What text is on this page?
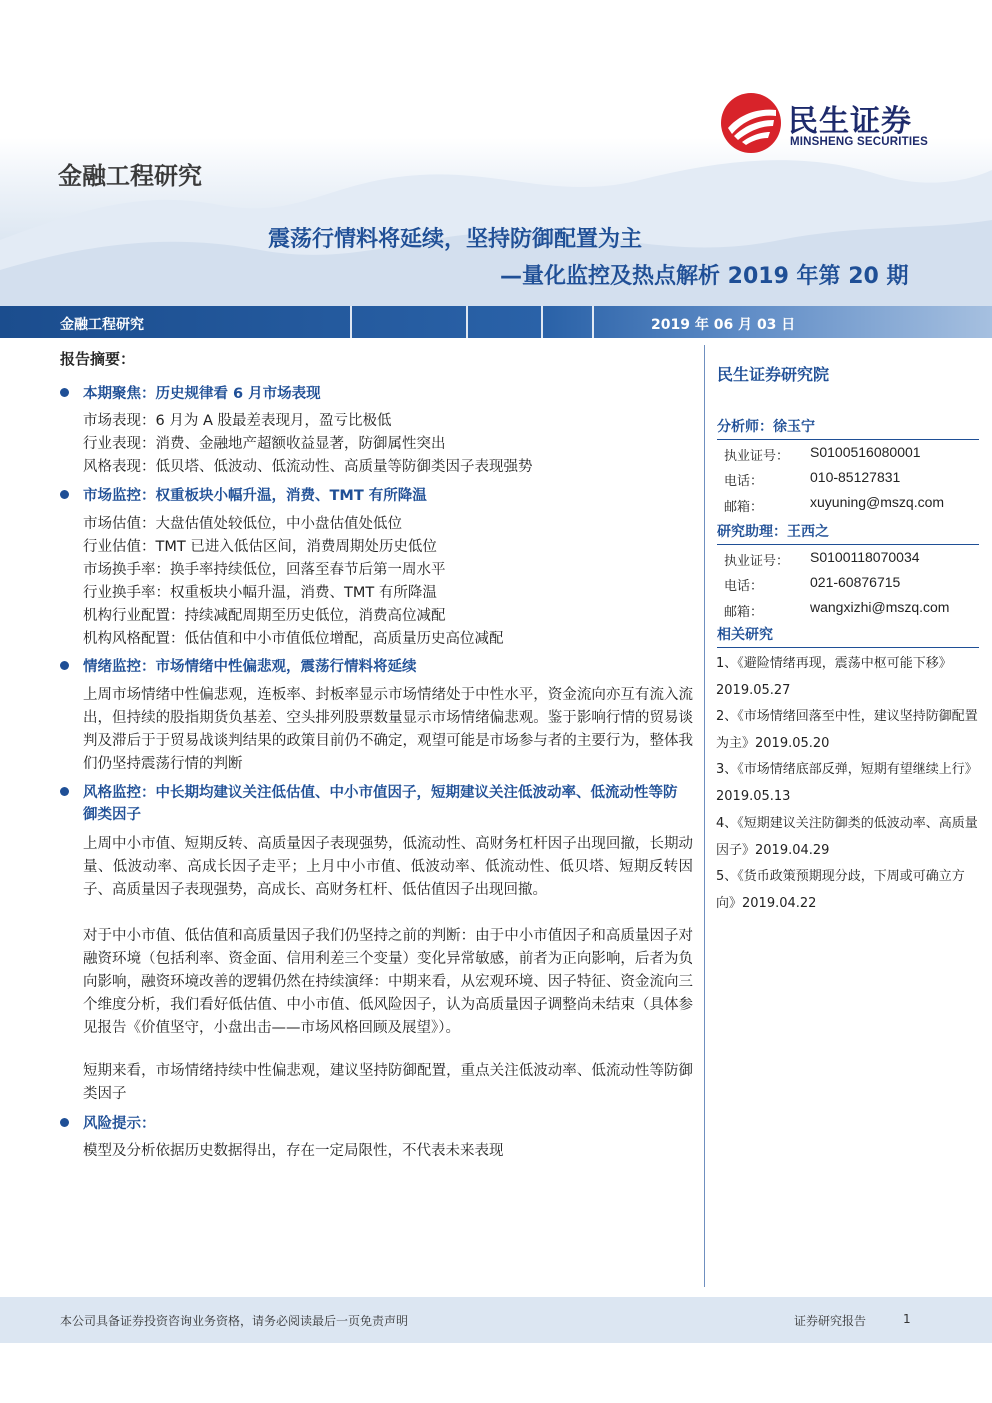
民生证券
MINSHENG SECURITIES
金融工程研究
震荡行情料将延续，坚持防御配置为主
—量化监控及热点解析 2019 年第 20 期
金融工程研究	2019 年 06 月 03 日
报告摘要：
本期聚焦：历史规律看 6 月市场表现
市场表现：6 月为 A 股最差表现月，盈亏比极低
行业表现：消费、金融地产超额收益显著，防御属性突出
风格表现：低贝塔、低波动、低流动性、高质量等防御类因子表现强势
市场监控：权重板块小幅升温，消费、TMT 有所降温
市场估值：大盘估值处较低位，中小盘估值处低位
行业估值：TMT 已进入低估区间，消费周期处历史低位
市场换手率：换手率持续低位，回落至春节后第一周水平
行业换手率：权重板块小幅升温，消费、TMT 有所降温
机构行业配置：持续减配周期至历史低位，消费高位减配
机构风格配置：低估值和中小市值低位增配，高质量历史高位减配
情绪监控：市场情绪中性偏悲观，震荡行情料将延续
上周市场情绪中性偏悲观，连板率、封板率显示市场情绪处于中性水平，资金流向亦互有流入流出，但持续的股指期货负基差、空头排列股票数量显示市场情绪偏悲观。鉴于影响行情的贸易谈判及滞后于于贸易战谈判结果的政策目前仍不确定，观望可能是市场参与者的主要行为，整体我们仍坚持震荡行情的判断
风格监控：中长期均建议关注低估值、中小市值因子，短期建议关注低波动率、低流动性等防御类因子
上周中小市值、短期反转、高质量因子表现强势，低流动性、高财务杠杆因子出现回撤，长期动量、低波动率、高成长因子走平；上月中小市值、低波动率、低流动性、低贝塔、短期反转因子、高质量因子表现强势，高成长、高财务杠杆、低估值因子出现回撤。
对于中小市值、低估值和高质量因子我们仍坚持之前的判断：由于中小市值因子和高质量因子对融资环境（包括利率、资金面、信用利差三个变量）变化异常敏感，前者为正向影响，后者为负向影响，融资环境改善的逻辑仍然在持续演绎：中期来看，从宏观环境、因子特征、资金流向三个维度分析，我们看好低估值、中小市值、低风险因子，认为高质量因子调整尚未结束（具体参见报告《价值坚守，小盘出击——市场风格回顾及展望》）。
短期来看，市场情绪持续中性偏悲观，建议坚持防御配置，重点关注低波动率、低流动性等防御类因子
风险提示：
模型及分析依据历史数据得出，存在一定局限性，不代表未来表现
民生证券研究院
分析师：徐玉宁
执业证号： S0100516080001
电话：	010-85127831
邮箱：	xuyuning@mszq.com
研究助理：王西之
执业证号： S0100118070034
电话：	021-60876715
邮箱：	wangxizhi@mszq.com
相关研究
1、《避险情绪再现，震荡中枢可能下移》 2019.05.27
2、《市场情绪回落至中性，建议坚持防御配置为主》2019.05.20
3、《市场情绪底部反弹，短期有望继续上行》2019.05.13
4、《短期建议关注防御类的低波动率、高质量因子》2019.04.29
5、《货币政策预期现分歧，下周或可确立方向》2019.04.22
本公司具备证券投资咨询业务资格，请务必阅读最后一页免责声明	证券研究报告	1
